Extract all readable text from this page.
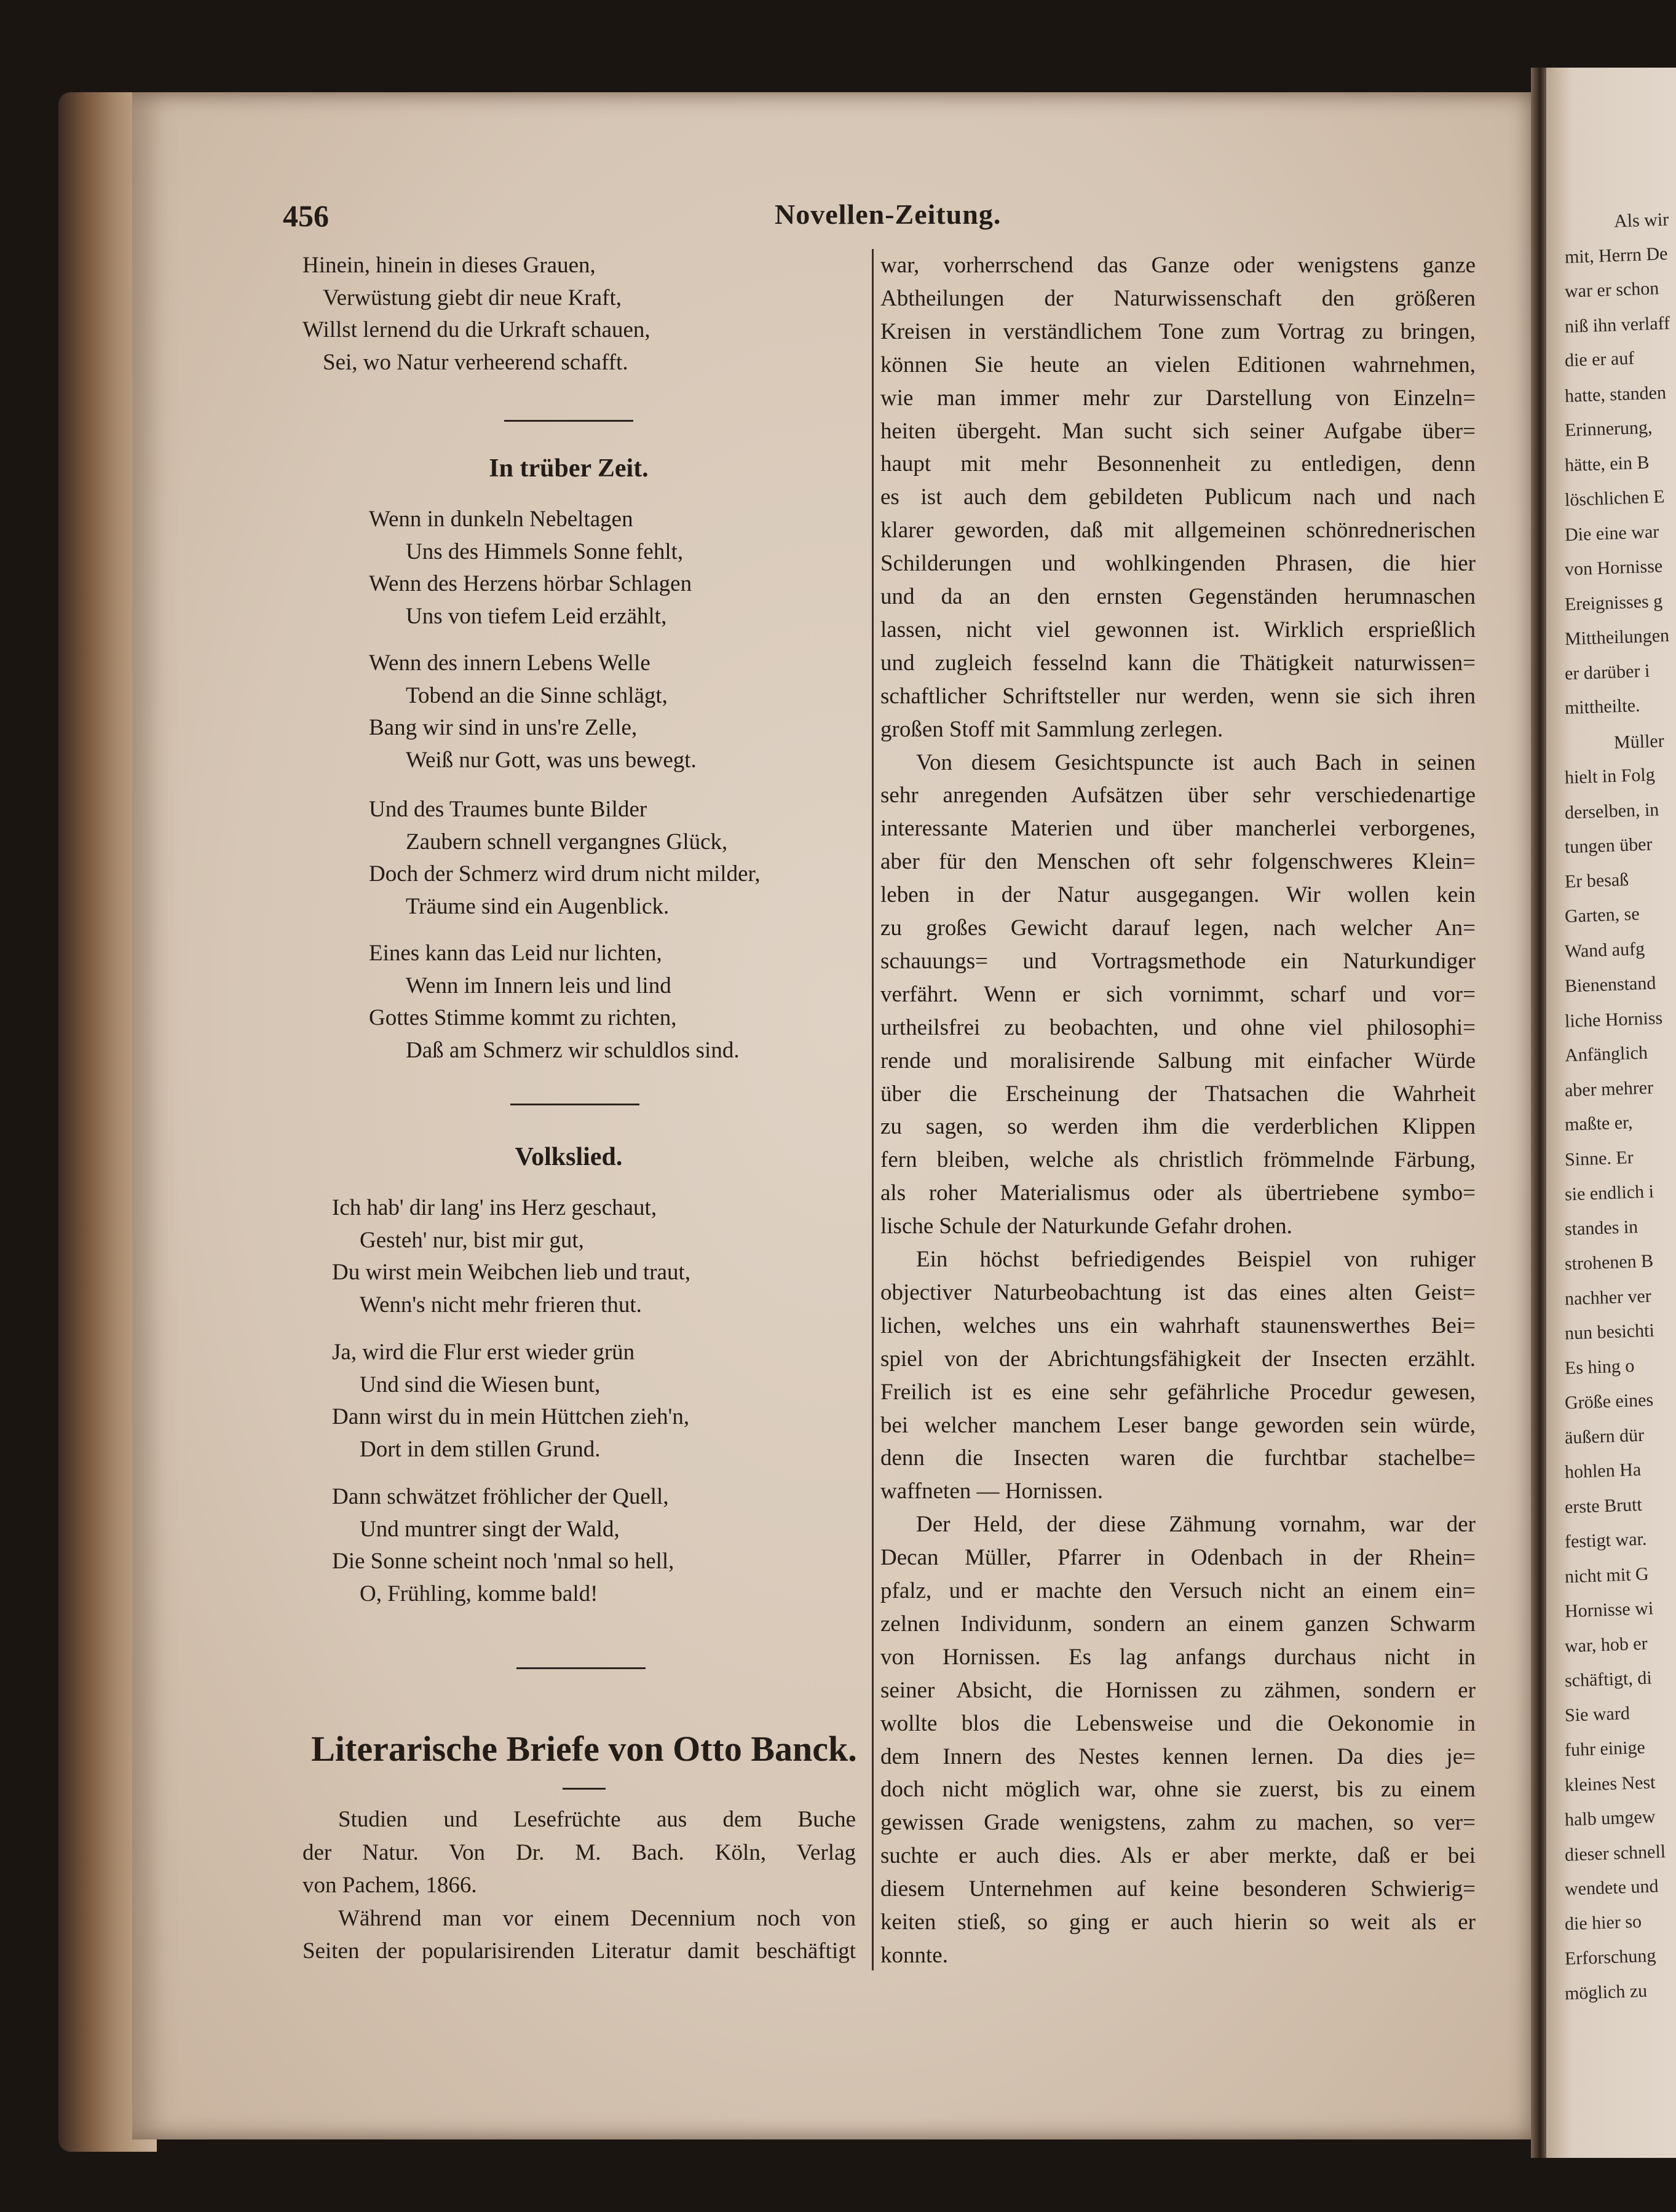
Als wir
mit, Herrn De
war er schon
niß ihn verlaff
die er auf
hatte, standen
Erinnerung,
hätte, ein B
löschlichen E
Die eine war
von Hornisse
Ereignisses g
Mittheilungen
er darüber i
mittheilte.
Müller
hielt in Folg
derselben, in
tungen über
Er besaß
Garten, se
Wand aufg
Bienenstand
liche Horniss
Anfänglich
aber mehrer
maßte er,
Sinne. Er
sie endlich i
standes in
strohenen B
nachher ver
nun besichti
Es hing o
Größe eines
äußern dür
hohlen Ha
erste Brutt
festigt war.
nicht mit G
Hornisse wi
war, hob er
schäftigt, di
Sie ward
fuhr einige
kleines Nest
halb umgew
dieser schnell
wendete und
die hier so
Erforschung
möglich zu
456	Novellen-Zeitung.
In trüber Zeit.
Volkslied.
Literarische Briefe von Otto Banck.
Hinein, hinein in dieses Grauen,
Verwüstung giebt dir neue Kraft,
Willst lernend du die Urkraft schauen,
Sei, wo Natur verheerend schafft.
Wenn in dunkeln Nebeltagen
Uns des Himmels Sonne fehlt,
Wenn des Herzens hörbar Schlagen
Uns von tiefem Leid erzählt,
Wenn des innern Lebens Welle
Tobend an die Sinne schlägt,
Bang wir sind in uns're Zelle,
Weiß nur Gott, was uns bewegt.
Und des Traumes bunte Bilder
Zaubern schnell vergangnes Glück,
Doch der Schmerz wird drum nicht milder,
Träume sind ein Augenblick.
Eines kann das Leid nur lichten,
Wenn im Innern leis und lind
Gottes Stimme kommt zu richten,
Daß am Schmerz wir schuldlos sind.
Ich hab' dir lang' ins Herz geschaut,
Gesteh' nur, bist mir gut,
Du wirst mein Weibchen lieb und traut,
Wenn's nicht mehr frieren thut.
Ja, wird die Flur erst wieder grün
Und sind die Wiesen bunt,
Dann wirst du in mein Hüttchen zieh'n,
Dort in dem stillen Grund.
Dann schwätzet fröhlicher der Quell,
Und muntrer singt der Wald,
Die Sonne scheint noch 'nmal so hell,
O, Frühling, komme bald!
Studien und Lesefrüchte aus dem Buche
der Natur. Von Dr. M. Bach. Köln, Verlag
von Pachem, 1866.
Während man vor einem Decennium noch von
Seiten der popularisirenden Literatur damit beschäftigt
war, vorherrschend das Ganze oder wenigstens ganze
Abtheilungen der Naturwissenschaft den größeren
Kreisen in verständlichem Tone zum Vortrag zu bringen,
können Sie heute an vielen Editionen wahrnehmen,
wie man immer mehr zur Darstellung von Einzeln=
heiten übergeht. Man sucht sich seiner Aufgabe über=
haupt mit mehr Besonnenheit zu entledigen, denn
es ist auch dem gebildeten Publicum nach und nach
klarer geworden, daß mit allgemeinen schönrednerischen
Schilderungen und wohlkingenden Phrasen, die hier
und da an den ernsten Gegenständen herumnaschen
lassen, nicht viel gewonnen ist. Wirklich ersprießlich
und zugleich fesselnd kann die Thätigkeit naturwissen=
schaftlicher Schriftsteller nur werden, wenn sie sich ihren
großen Stoff mit Sammlung zerlegen.
Von diesem Gesichtspuncte ist auch Bach in seinen
sehr anregenden Aufsätzen über sehr verschiedenartige
interessante Materien und über mancherlei verborgenes,
aber für den Menschen oft sehr folgenschweres Klein=
leben in der Natur ausgegangen. Wir wollen kein
zu großes Gewicht darauf legen, nach welcher An=
schauungs= und Vortragsmethode ein Naturkundiger
verfährt. Wenn er sich vornimmt, scharf und vor=
urtheilsfrei zu beobachten, und ohne viel philosophi=
rende und moralisirende Salbung mit einfacher Würde
über die Erscheinung der Thatsachen die Wahrheit
zu sagen, so werden ihm die verderblichen Klippen
fern bleiben, welche als christlich frömmelnde Färbung,
als roher Materialismus oder als übertriebene symbo=
lische Schule der Naturkunde Gefahr drohen.
Ein höchst befriedigendes Beispiel von ruhiger
objectiver Naturbeobachtung ist das eines alten Geist=
lichen, welches uns ein wahrhaft staunenswerthes Bei=
spiel von der Abrichtungsfähigkeit der Insecten erzählt.
Freilich ist es eine sehr gefährliche Procedur gewesen,
bei welcher manchem Leser bange geworden sein würde,
denn die Insecten waren die furchtbar stachelbe=
waffneten — Hornissen.
Der Held, der diese Zähmung vornahm, war der
Decan Müller, Pfarrer in Odenbach in der Rhein=
pfalz, und er machte den Versuch nicht an einem ein=
zelnen Individunm, sondern an einem ganzen Schwarm
von Hornissen. Es lag anfangs durchaus nicht in
seiner Absicht, die Hornissen zu zähmen, sondern er
wollte blos die Lebensweise und die Oekonomie in
dem Innern des Nestes kennen lernen. Da dies je=
doch nicht möglich war, ohne sie zuerst, bis zu einem
gewissen Grade wenigstens, zahm zu machen, so ver=
suchte er auch dies. Als er aber merkte, daß er bei
diesem Unternehmen auf keine besonderen Schwierig=
keiten stieß, so ging er auch hierin so weit als er
konnte.
